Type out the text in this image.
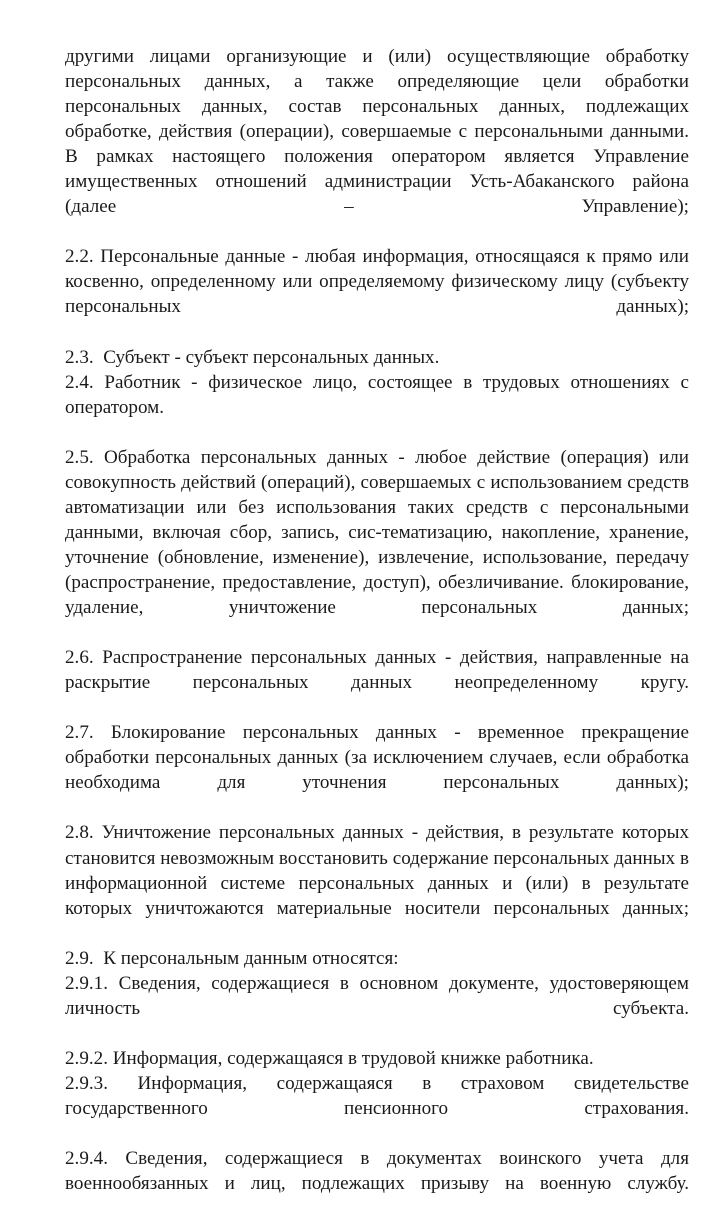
другими лицами организующие и (или) осуществляющие обработку персональных данных, а также определяющие цели обработки персональных данных, состав персональных данных, подлежащих обработке, действия (операции), совершаемые с персональными данными. В рамках настоящего положения оператором является Управление имущественных отношений администрации Усть-Абаканского района (далее – Управление);

2.2. Персональные данные - любая информация, относящаяся к прямо или косвенно, определенному или определяемому физическому лицу (субъекту персональных данных);

2.3.  Субъект - субъект персональных данных.

2.4. Работник - физическое лицо, состоящее в трудовых отношениях с оператором.

2.5. Обработка персональных данных - любое действие (операция) или совокупность действий (операций), совершаемых с использованием средств автоматизации или без использования таких средств с персональными данными, включая сбор, запись, сис-тематизацию, накопление, хранение, уточнение (обновление, изменение), извлечение, использование, передачу (распространение, предоставление, доступ), обезличивание. блокирование, удаление, уничтожение персональных данных;

2.6. Распространение персональных данных - действия, направленные на раскрытие персональных данных неопределенному кругу.

2.7. Блокирование персональных данных - временное прекращение обработки персональных данных (за исключением случаев, если обработка необходима для уточнения персональных данных);

2.8. Уничтожение персональных данных - действия, в результате которых становится невозможным восстановить содержание персональных данных в информационной системе персональных данных и (или) в результате которых уничтожаются материальные носители персональных данных;

2.9.  К персональным данным относятся:

2.9.1. Сведения, содержащиеся в основном документе, удостоверяющем личность субъекта.

2.9.2. Информация, содержащаяся в трудовой книжке работника.

2.9.3. Информация, содержащаяся в страховом свидетельстве государственного пенсионного страхования.

2.9.4. Сведения, содержащиеся в документах воинского учета для военнообязанных и лиц, подлежащих призыву на военную службу.
